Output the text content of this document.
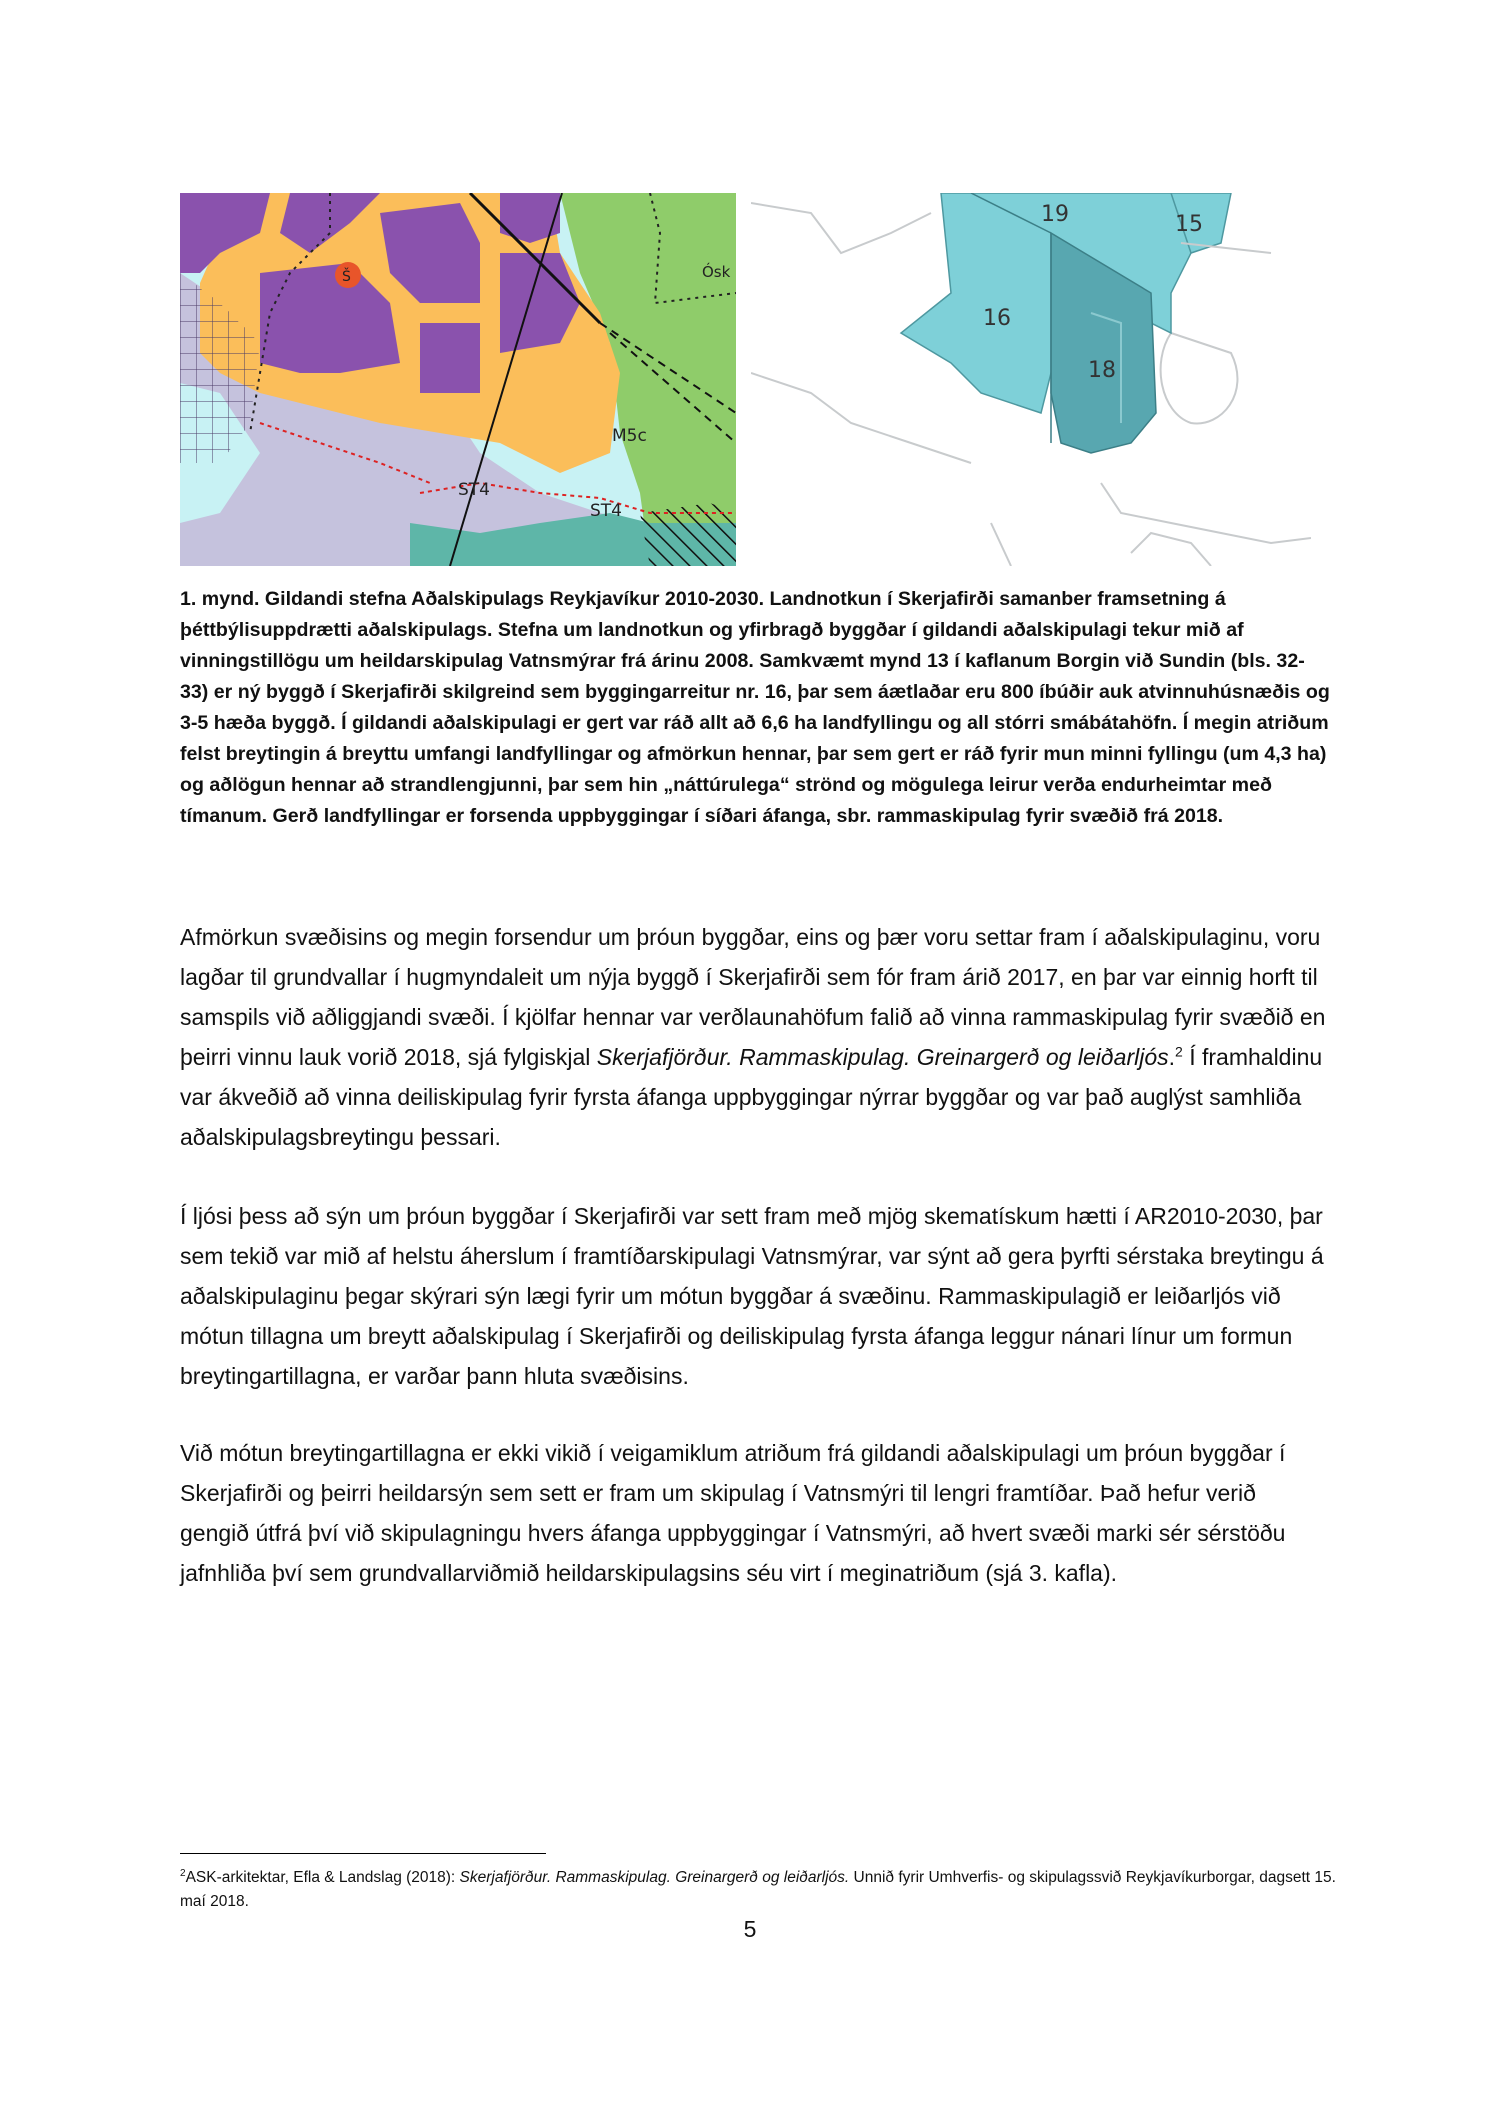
Š	Ósk
M5c
ST4
ST4
19	15
16
18

1. mynd. Gildandi stefna Aðalskipulags Reykjavíkur 2010-2030. Landnotkun í Skerjafirði samanber framsetning á þéttbýlisuppdrætti aðalskipulags. Stefna um landnotkun og yfirbragð byggðar í gildandi aðalskipulagi tekur mið af vinningstillögu um heildarskipulag Vatnsmýrar frá árinu 2008. Samkvæmt mynd 13 í kaflanum Borgin við Sundin (bls. 32-33) er ný byggð í Skerjafirði skilgreind sem byggingarreitur nr. 16, þar sem áætlaðar eru 800 íbúðir auk atvinnuhúsnæðis og 3-5 hæða byggð. Í gildandi aðalskipulagi er gert var ráð allt að 6,6 ha landfyllingu og all stórri smábátahöfn. Í megin atriðum felst breytingin á breyttu umfangi landfyllingar og afmörkun hennar, þar sem gert er ráð fyrir mun minni fyllingu (um 4,3 ha) og aðlögun hennar að strandlengjunni, þar sem hin „náttúrulega“ strönd og mögulega leirur verða endurheimtar með tímanum. Gerð landfyllingar er forsenda uppbyggingar í síðari áfanga, sbr. rammaskipulag fyrir svæðið frá 2018.

Afmörkun svæðisins og megin forsendur um þróun byggðar, eins og þær voru settar fram í aðalskipulaginu, voru lagðar til grundvallar í hugmyndaleit um nýja byggð í Skerjafirði sem fór fram árið 2017, en þar var einnig horft til samspils við aðliggjandi svæði. Í kjölfar hennar var verðlaunahöfum falið að vinna rammaskipulag fyrir svæðið en þeirri vinnu lauk vorið 2018, sjá fylgiskjal Skerjafjörður. Rammaskipulag. Greinargerð og leiðarljós.$^2$ Í framhaldinu var ákveðið að vinna deiliskipulag fyrir fyrsta áfanga uppbyggingar nýrrar byggðar og var það auglýst samhliða aðalskipulagsbreytingu þessari.

Í ljósi þess að sýn um þróun byggðar í Skerjafirði var sett fram með mjög skematískum hætti í AR2010-2030, þar sem tekið var mið af helstu áherslum í framtíðarskipulagi Vatnsmýrar, var sýnt að gera þyrfti sérstaka breytingu á aðalskipulaginu þegar skýrari sýn lægi fyrir um mótun byggðar á svæðinu. Rammaskipulagið er leiðarljós við mótun tillagna um breytt aðalskipulag í Skerjafirði og deiliskipulag fyrsta áfanga leggur nánari línur um formun breytingartillagna, er varðar þann hluta svæðisins.

Við mótun breytingartillagna er ekki vikið í veigamiklum atriðum frá gildandi aðalskipulagi um þróun byggðar í Skerjafirði og þeirri heildarsýn sem sett er fram um skipulag í Vatnsmýri til lengri framtíðar. Það hefur verið gengið útfrá því við skipulagningu hvers áfanga uppbyggingar í Vatnsmýri, að hvert svæði marki sér sérstöðu jafnhliða því sem grundvallarviðmið heildarskipulagsins séu virt í meginatriðum (sjá 3. kafla).

$^2$ASK-arkitektar, Efla & Landslag (2018): Skerjafjörður. Rammaskipulag. Greinargerð og leiðarljós. Unnið fyrir Umhverfis- og skipulagssvið Reykjavíkurborgar, dagsett 15. maí 2018.

5
